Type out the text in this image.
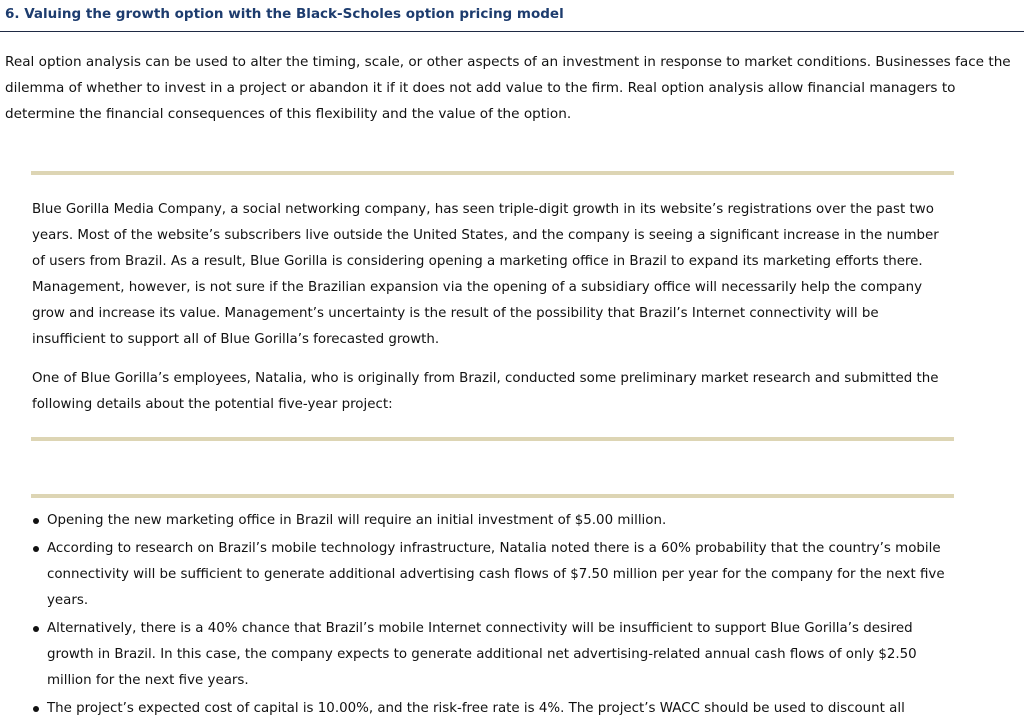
6. Valuing the growth option with the Black-Scholes option pricing model
Real option analysis can be used to alter the timing, scale, or other aspects of an investment in response to market conditions. Businesses face the dilemma of whether to invest in a project or abandon it if it does not add value to the firm. Real option analysis allow financial managers to determine the financial consequences of this flexibility and the value of the option.
Blue Gorilla Media Company, a social networking company, has seen triple-digit growth in its website’s registrations over the past two years. Most of the website’s subscribers live outside the United States, and the company is seeing a significant increase in the number of users from Brazil. As a result, Blue Gorilla is considering opening a marketing office in Brazil to expand its marketing efforts there. Management, however, is not sure if the Brazilian expansion via the opening of a subsidiary office will necessarily help the company grow and increase its value. Management’s uncertainty is the result of the possibility that Brazil’s Internet connectivity will be insufficient to support all of Blue Gorilla’s forecasted growth.
One of Blue Gorilla’s employees, Natalia, who is originally from Brazil, conducted some preliminary market research and submitted the following details about the potential five-year project:
Opening the new marketing office in Brazil will require an initial investment of $5.00 million.
According to research on Brazil’s mobile technology infrastructure, Natalia noted there is a 60% probability that the country’s mobile connectivity will be sufficient to generate additional advertising cash flows of $7.50 million per year for the company for the next five years.
Alternatively, there is a 40% chance that Brazil’s mobile Internet connectivity will be insufficient to support Blue Gorilla’s desired growth in Brazil. In this case, the company expects to generate additional net advertising-related annual cash flows of only $2.50 million for the next five years.
The project’s expected cost of capital is 10.00%, and the risk-free rate is 4%. The project’s WACC should be used to discount all
